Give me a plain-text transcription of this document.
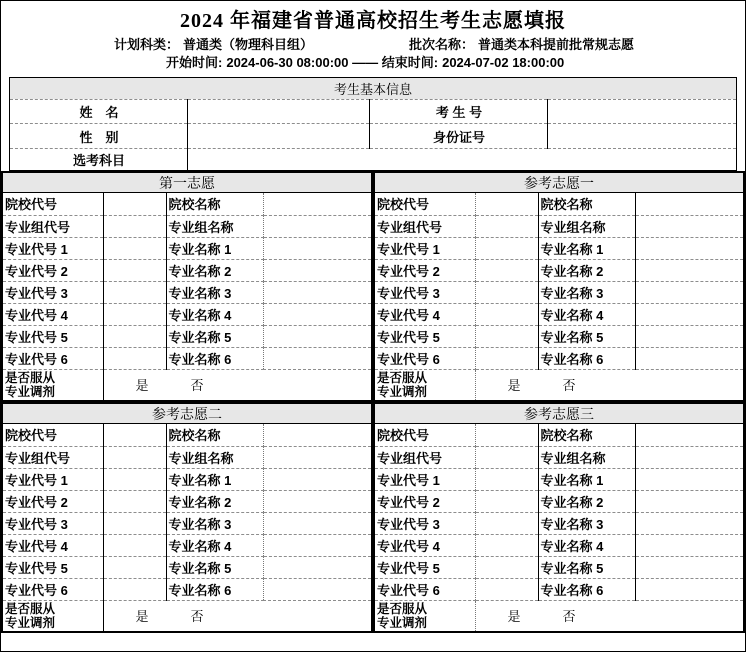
2024 年福建省普通高校招生考生志愿填报
计划科类： 普通类（物理科目组）	批次名称： 普通类本科提前批常规志愿
开始时间: 2024-06-30 08:00:00 —— 结束时间: 2024-07-02 18:00:00
考生基本信息			
姓　名		考 生 号	
性　别		身份证号	
选考科目			
第一志愿
院校代号		院校名称	
专业组代号		专业组名称	
专业代号 1		专业名称 1	
专业代号 2		专业名称 2	
专业代号 3		专业名称 3	
专业代号 4		专业名称 4	
专业代号 5		专业名称 5	
专业代号 6		专业名称 6	

是否服从
专业调剂	是 否		
参考志愿一
院校代号		院校名称	
专业组代号		专业组名称	
专业代号 1		专业名称 1	
专业代号 2		专业名称 2	
专业代号 3		专业名称 3	
专业代号 4		专业名称 4	
专业代号 5		专业名称 5	
专业代号 6		专业名称 6	

是否服从
专业调剂	是 否		
参考志愿二
院校代号		院校名称	
专业组代号		专业组名称	
专业代号 1		专业名称 1	
专业代号 2		专业名称 2	
专业代号 3		专业名称 3	
专业代号 4		专业名称 4	
专业代号 5		专业名称 5	
专业代号 6		专业名称 6	

是否服从
专业调剂	是 否		
参考志愿三
院校代号		院校名称	
专业组代号		专业组名称	
专业代号 1		专业名称 1	
专业代号 2		专业名称 2	
专业代号 3		专业名称 3	
专业代号 4		专业名称 4	
专业代号 5		专业名称 5	
专业代号 6		专业名称 6	

是否服从
专业调剂	是 否		
